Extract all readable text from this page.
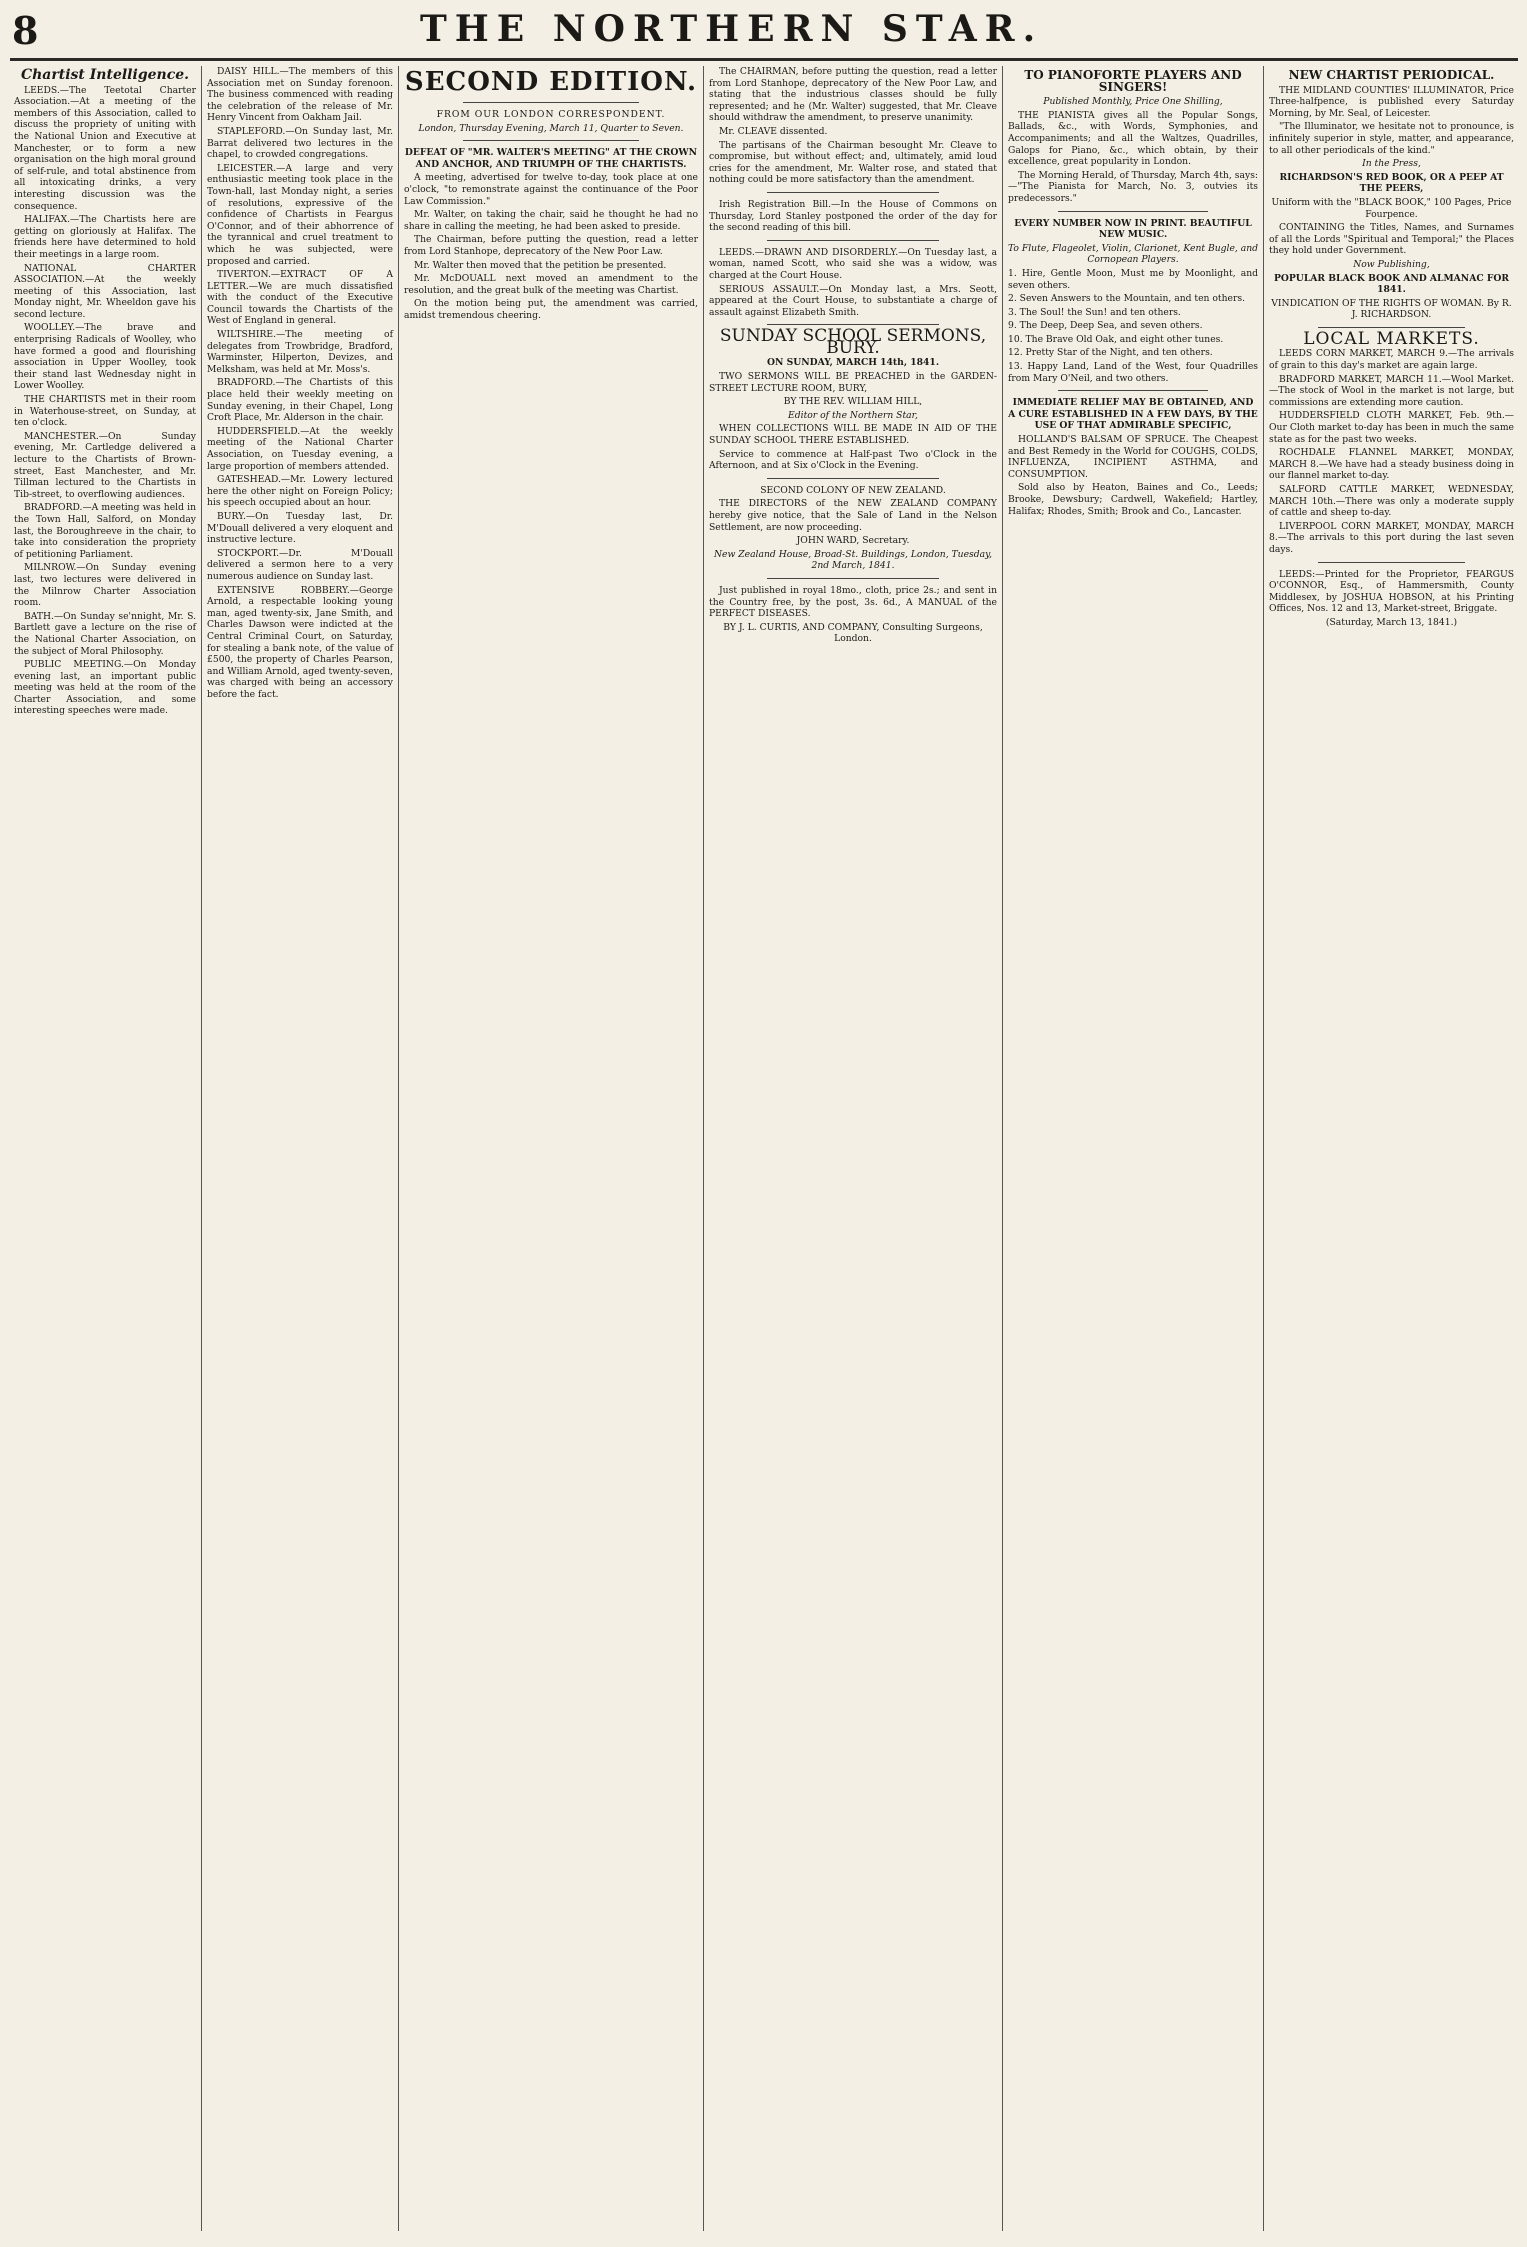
8	THE NORTHERN STAR.
Chartist Intelligence.

LEEDS.—The Teetotal Charter Association.—At a meeting of the members of this Association, called to discuss the propriety of uniting with the National Union and Executive at Manchester, or to form a new organisation on the high moral ground of self-rule, and total abstinence from all intoxicating drinks, a very interesting discussion was the consequence.

HALIFAX.—The Chartists here are getting on gloriously at Halifax. The friends here have determined to hold their meetings in a large room.

NATIONAL CHARTER ASSOCIATION.—At the weekly meeting of this Association, last Monday night, Mr. Wheeldon gave his second lecture.

WOOLLEY.—The brave and enterprising Radicals of Woolley, who have formed a good and flourishing association in Upper Woolley, took their stand last Wednesday night in Lower Woolley.

THE CHARTISTS met in their room in Waterhouse-street, on Sunday, at ten o'clock.

MANCHESTER.—On Sunday evening, Mr. Cartledge delivered a lecture to the Chartists of Brown-street, East Manchester, and Mr. Tillman lectured to the Chartists in Tib-street, to overflowing audiences.

BRADFORD.—A meeting was held in the Town Hall, Salford, on Monday last, the Boroughreeve in the chair, to take into consideration the propriety of petitioning Parliament.

MILNROW.—On Sunday evening last, two lectures were delivered in the Milnrow Charter Association room.

BATH.—On Sunday se'nnight, Mr. S. Bartlett gave a lecture on the rise of the National Charter Association, on the subject of Moral Philosophy.

PUBLIC MEETING.—On Monday evening last, an important public meeting was held at the room of the Charter Association, and some interesting speeches were made.

DAISY HILL.—The members of this Association met on Sunday forenoon. The business commenced with reading the celebration of the release of Mr. Henry Vincent from Oakham Jail.

STAPLEFORD.—On Sunday last, Mr. Barrat delivered two lectures in the chapel, to crowded congregations.

LEICESTER.—A large and very enthusiastic meeting took place in the Town-hall, last Monday night, a series of resolutions, expressive of the confidence of Chartists in Feargus O'Connor, and of their abhorrence of the tyrannical and cruel treatment to which he was subjected, were proposed and carried.

TIVERTON.—EXTRACT OF A LETTER.—We are much dissatisfied with the conduct of the Executive Council towards the Chartists of the West of England in general.

WILTSHIRE.—The meeting of delegates from Trowbridge, Bradford, Warminster, Hilperton, Devizes, and Melksham, was held at Mr. Moss's.

BRADFORD.—The Chartists of this place held their weekly meeting on Sunday evening, in their Chapel, Long Croft Place, Mr. Alderson in the chair.

HUDDERSFIELD.—At the weekly meeting of the National Charter Association, on Tuesday evening, a large proportion of members attended.

GATESHEAD.—Mr. Lowery lectured here the other night on Foreign Policy; his speech occupied about an hour.

BURY.—On Tuesday last, Dr. M'Douall delivered a very eloquent and instructive lecture.

STOCKPORT.—Dr. M'Douall delivered a sermon here to a very numerous audience on Sunday last.

EXTENSIVE ROBBERY.—George Arnold, a respectable looking young man, aged twenty-six, Jane Smith, and Charles Dawson were indicted at the Central Criminal Court, on Saturday, for stealing a bank note, of the value of £500, the property of Charles Pearson, and William Arnold, aged twenty-seven, was charged with being an accessory before the fact.

SECOND EDITION.

FROM OUR LONDON CORRESPONDENT.

London, Thursday Evening, March 11, Quarter to Seven.

DEFEAT OF "MR. WALTER'S MEETING" AT THE CROWN AND ANCHOR, AND TRIUMPH OF THE CHARTISTS.

A meeting, advertised for twelve to-day, took place at one o'clock, "to remonstrate against the continuance of the Poor Law Commission."

Mr. Walter, on taking the chair, said he thought he had no share in calling the meeting, he had been asked to preside.

The Chairman, before putting the question, read a letter from Lord Stanhope, deprecatory of the New Poor Law.

Mr. Walter then moved that the petition be presented.

Mr. McDOUALL next moved an amendment to the resolution, and the great bulk of the meeting was Chartist.

On the motion being put, the amendment was carried, amidst tremendous cheering.

The CHAIRMAN, before putting the question, read a letter from Lord Stanhope, deprecatory of the New Poor Law, and stating that the industrious classes should be fully represented; and he (Mr. Walter) suggested, that Mr. Cleave should withdraw the amendment, to preserve unanimity.

Mr. CLEAVE dissented.

The partisans of the Chairman besought Mr. Cleave to compromise, but without effect; and, ultimately, amid loud cries for the amendment, Mr. Walter rose, and stated that nothing could be more satisfactory than the amendment.

Irish Registration Bill.—In the House of Commons on Thursday, Lord Stanley postponed the order of the day for the second reading of this bill.

LEEDS.—DRAWN AND DISORDERLY.—On Tuesday last, a woman, named Scott, who said she was a widow, was charged at the Court House.

SERIOUS ASSAULT.—On Monday last, a Mrs. Seott, appeared at the Court House, to substantiate a charge of assault against Elizabeth Smith.

SUNDAY SCHOOL SERMONS, BURY.

ON SUNDAY, MARCH 14th, 1841.

TWO SERMONS WILL BE PREACHED in the GARDEN-STREET LECTURE ROOM, BURY,

BY THE REV. WILLIAM HILL,

Editor of the Northern Star,

WHEN COLLECTIONS WILL BE MADE IN AID OF THE SUNDAY SCHOOL THERE ESTABLISHED.

Service to commence at Half-past Two o'Clock in the Afternoon, and at Six o'Clock in the Evening.

SECOND COLONY OF NEW ZEALAND.

THE DIRECTORS of the NEW ZEALAND COMPANY hereby give notice, that the Sale of Land in the Nelson Settlement, are now proceeding.

JOHN WARD, Secretary.

New Zealand House, Broad-St. Buildings, London, Tuesday, 2nd March, 1841.

Just published in royal 18mo., cloth, price 2s.; and sent in the Country free, by the post, 3s. 6d., A MANUAL of the PERFECT DISEASES.

BY J. L. CURTIS, AND COMPANY, Consulting Surgeons, London.

TO PIANOFORTE PLAYERS AND SINGERS!

Published Monthly, Price One Shilling,

THE PIANISTA gives all the Popular Songs, Ballads, &c., with Words, Symphonies, and Accompaniments; and all the Waltzes, Quadrilles, Galops for Piano, &c., which obtain, by their excellence, great popularity in London.

The Morning Herald, of Thursday, March 4th, says:—"The Pianista for March, No. 3, outvies its predecessors."

EVERY NUMBER NOW IN PRINT. BEAUTIFUL NEW MUSIC.

To Flute, Flageolet, Violin, Clarionet, Kent Bugle, and Cornopean Players.

1. Hire, Gentle Moon, Must me by Moonlight, and seven others.

2. Seven Answers to the Mountain, and ten others.

3. The Soul! the Sun! and ten others.

9. The Deep, Deep Sea, and seven others.

10. The Brave Old Oak, and eight other tunes.

12. Pretty Star of the Night, and ten others.

13. Happy Land, Land of the West, four Quadrilles from Mary O'Neil, and two others.

IMMEDIATE RELIEF MAY BE OBTAINED, AND A CURE ESTABLISHED IN A FEW DAYS, BY THE USE OF THAT ADMIRABLE SPECIFIC,

HOLLAND'S BALSAM OF SPRUCE. The Cheapest and Best Remedy in the World for COUGHS, COLDS, INFLUENZA, INCIPIENT ASTHMA, and CONSUMPTION.

Sold also by Heaton, Baines and Co., Leeds; Brooke, Dewsbury; Cardwell, Wakefield; Hartley, Halifax; Rhodes, Smith; Brook and Co., Lancaster.

NEW CHARTIST PERIODICAL.

THE MIDLAND COUNTIES' ILLUMINATOR, Price Three-halfpence, is published every Saturday Morning, by Mr. Seal, of Leicester.

"The Illuminator, we hesitate not to pronounce, is infinitely superior in style, matter, and appearance, to all other periodicals of the kind."

In the Press,

RICHARDSON'S RED BOOK, OR A PEEP AT THE PEERS,

Uniform with the "BLACK BOOK," 100 Pages, Price Fourpence.

CONTAINING the Titles, Names, and Surnames of all the Lords "Spiritual and Temporal;" the Places they hold under Government.

Now Publishing,

POPULAR BLACK BOOK AND ALMANAC FOR 1841.

VINDICATION OF THE RIGHTS OF WOMAN. By R. J. RICHARDSON.

LOCAL MARKETS.

LEEDS CORN MARKET, MARCH 9.—The arrivals of grain to this day's market are again large.

BRADFORD MARKET, MARCH 11.—Wool Market.—The stock of Wool in the market is not large, but commissions are extending more caution.

HUDDERSFIELD CLOTH MARKET, Feb. 9th.—Our Cloth market to-day has been in much the same state as for the past two weeks.

ROCHDALE FLANNEL MARKET, MONDAY, MARCH 8.—We have had a steady business doing in our flannel market to-day.

SALFORD CATTLE MARKET, WEDNESDAY, MARCH 10th.—There was only a moderate supply of cattle and sheep to-day.

LIVERPOOL CORN MARKET, MONDAY, MARCH 8.—The arrivals to this port during the last seven days.

LEEDS:—Printed for the Proprietor, FEARGUS O'CONNOR, Esq., of Hammersmith, County Middlesex, by JOSHUA HOBSON, at his Printing Offices, Nos. 12 and 13, Market-street, Briggate.

(Saturday, March 13, 1841.)
